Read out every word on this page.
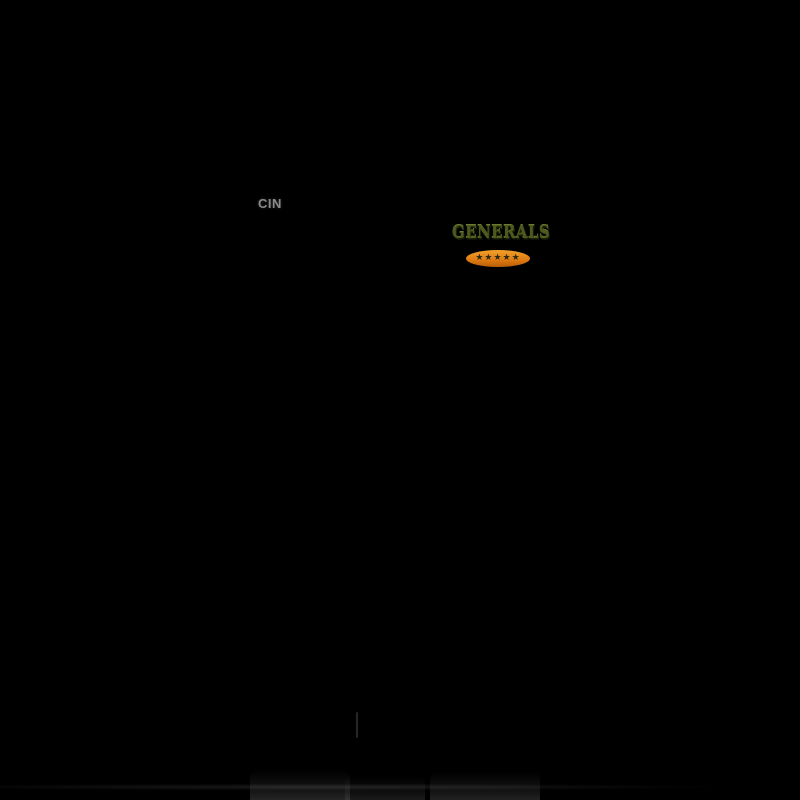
CIN
GENERALS
★★★★★
